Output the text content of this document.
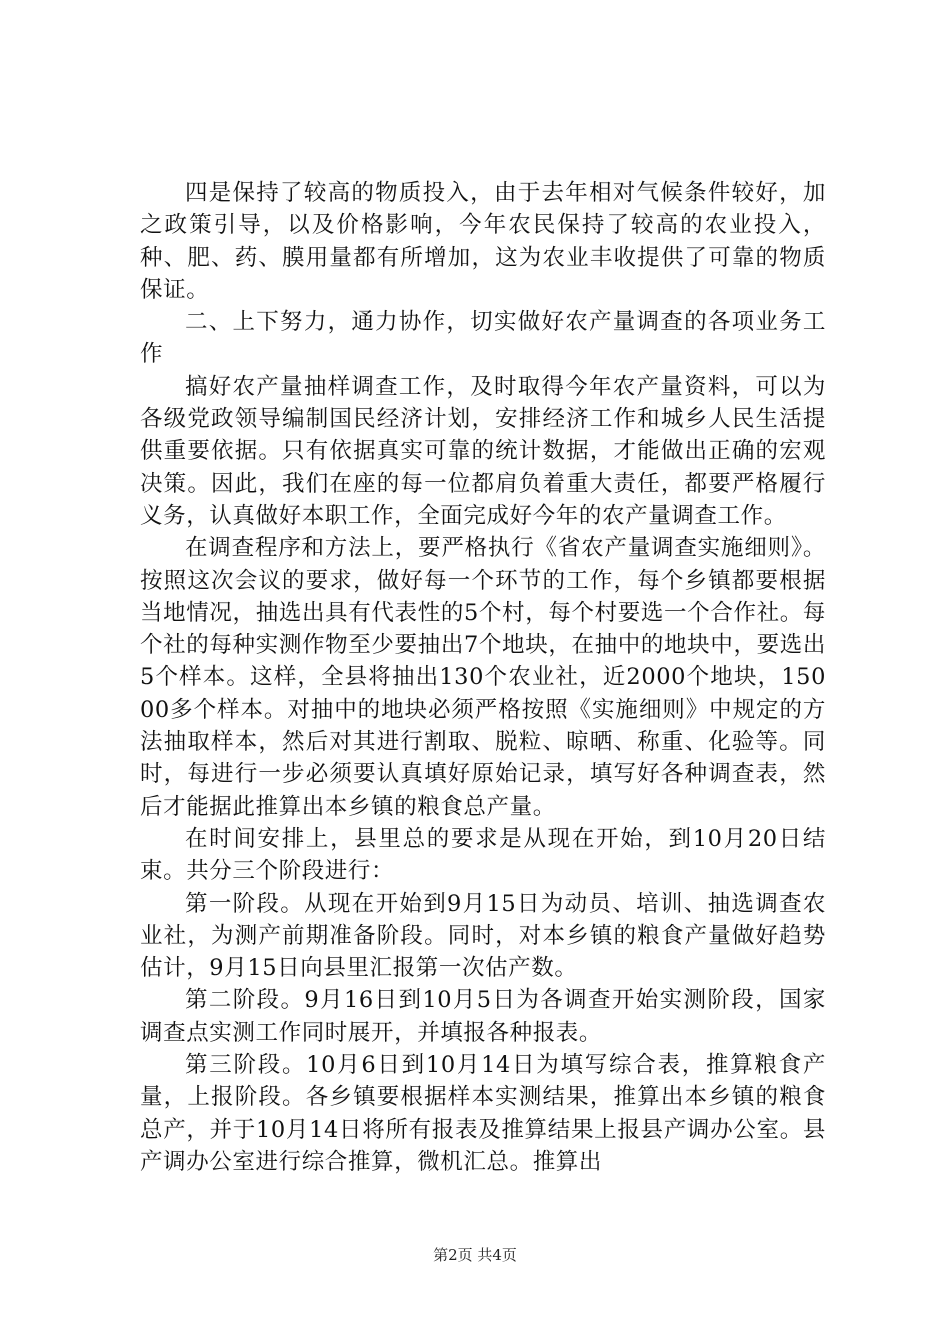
四是保持了较高的物质投入，由于去年相对气候条件较好，加之政策引导，以及价格影响，今年农民保持了较高的农业投入，种、肥、药、膜用量都有所增加，这为农业丰收提供了可靠的物质保证。

二、上下努力，通力协作，切实做好农产量调查的各项业务工作

搞好农产量抽样调查工作，及时取得今年农产量资料，可以为各级党政领导编制国民经济计划，安排经济工作和城乡人民生活提供重要依据。只有依据真实可靠的统计数据，才能做出正确的宏观决策。因此，我们在座的每一位都肩负着重大责任，都要严格履行义务，认真做好本职工作，全面完成好今年的农产量调查工作。

在调查程序和方法上，要严格执行《省农产量调查实施细则》。按照这次会议的要求，做好每一个环节的工作，每个乡镇都要根据当地情况，抽选出具有代表性的5个村，每个村要选一个合作社。每个社的每种实测作物至少要抽出7个地块，在抽中的地块中，要选出5个样本。这样，全县将抽出130个农业社，近2000个地块，15000多个样本。对抽中的地块必须严格按照《实施细则》中规定的方法抽取样本，然后对其进行割取、脱粒、晾晒、称重、化验等。同时，每进行一步必须要认真填好原始记录，填写好各种调查表，然后才能据此推算出本乡镇的粮食总产量。

在时间安排上，县里总的要求是从现在开始，到10月20日结束。共分三个阶段进行：

第一阶段。从现在开始到9月15日为动员、培训、抽选调查农业社，为测产前期准备阶段。同时，对本乡镇的粮食产量做好趋势估计，9月15日向县里汇报第一次估产数。

第二阶段。9月16日到10月5日为各调查开始实测阶段，国家调查点实测工作同时展开，并填报各种报表。

第三阶段。10月6日到10月14日为填写综合表，推算粮食产量，上报阶段。各乡镇要根据样本实测结果，推算出本乡镇的粮食总产，并于10月14日将所有报表及推算结果上报县产调办公室。县产调办公室进行综合推算，微机汇总。推算出

第2页 共4页
